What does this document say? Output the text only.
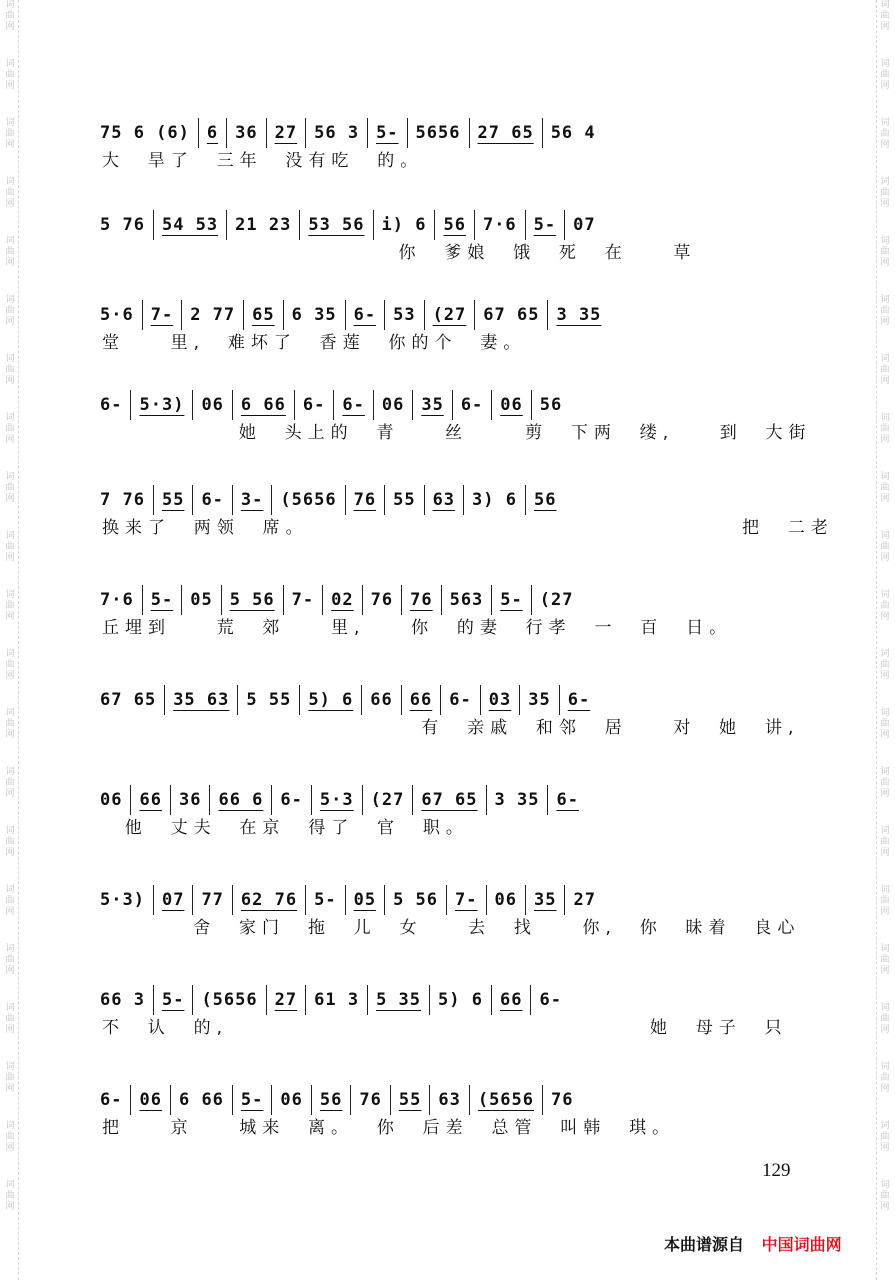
词曲网
词曲网
词曲网
词曲网
词曲网
词曲网
词曲网
词曲网
词曲网
词曲网
词曲网
词曲网
词曲网
词曲网
词曲网
词曲网
词曲网
词曲网
词曲网
词曲网
词曲网
词曲网
词曲网
词曲网
词曲网
词曲网
词曲网
词曲网
词曲网
词曲网
词曲网
词曲网
词曲网
词曲网
词曲网
词曲网
词曲网
词曲网
词曲网
词曲网
词曲网
词曲网
75 6 (6) 6 36 27 56 3 5- 5656 27 65 56 4
大  旱了  三年  没有吃  的。
5 76 54 53 21 23 53 56 i) 6 56 7·6 5- 07
你  爹娘  饿  死  在    草
5·6 7- 2 77 65 6 35 6- 53 (27 67 65 3 35
堂    里,  难坏了  香莲  你的个  妻。
6- 5·3) 06 6 66 6- 6- 06 35 6- 06 56
她  头上的  青    丝     剪  下两  缕,    到  大街
7 76 55 6- 3- (5656 76 55 63 3) 6 56
换来了  两领  席。                                      把  二老
7·6 5- 05 5 56 7- 02 76 76 563 5- (27
丘埋到    荒  郊    里,    你  的妻  行孝  一  百  日。
67 65 35 63 5 55 5) 6 66 66 6- 03 35 6-
有  亲戚  和邻  居    对  她  讲,
06 66 36 66 6 6- 5·3 (27 67 65 3 35 6-
他  丈夫  在京  得了  官  职。
5·3) 07 77 62 76 5- 05 5 56 7- 06 35 27
舍  家门  拖  儿  女    去  找    你,  你  昧着  良心
66 3 5- (5656 27 61 3 5 35 5) 6 66 6-
不  认  的,                                     她  母子  只
6- 06 6 66 5- 06 56 76 55 63 (5656 76
把    京    城来  离。  你  后差  总管  叫韩  琪。
129
本曲谱源自 中国词曲网
